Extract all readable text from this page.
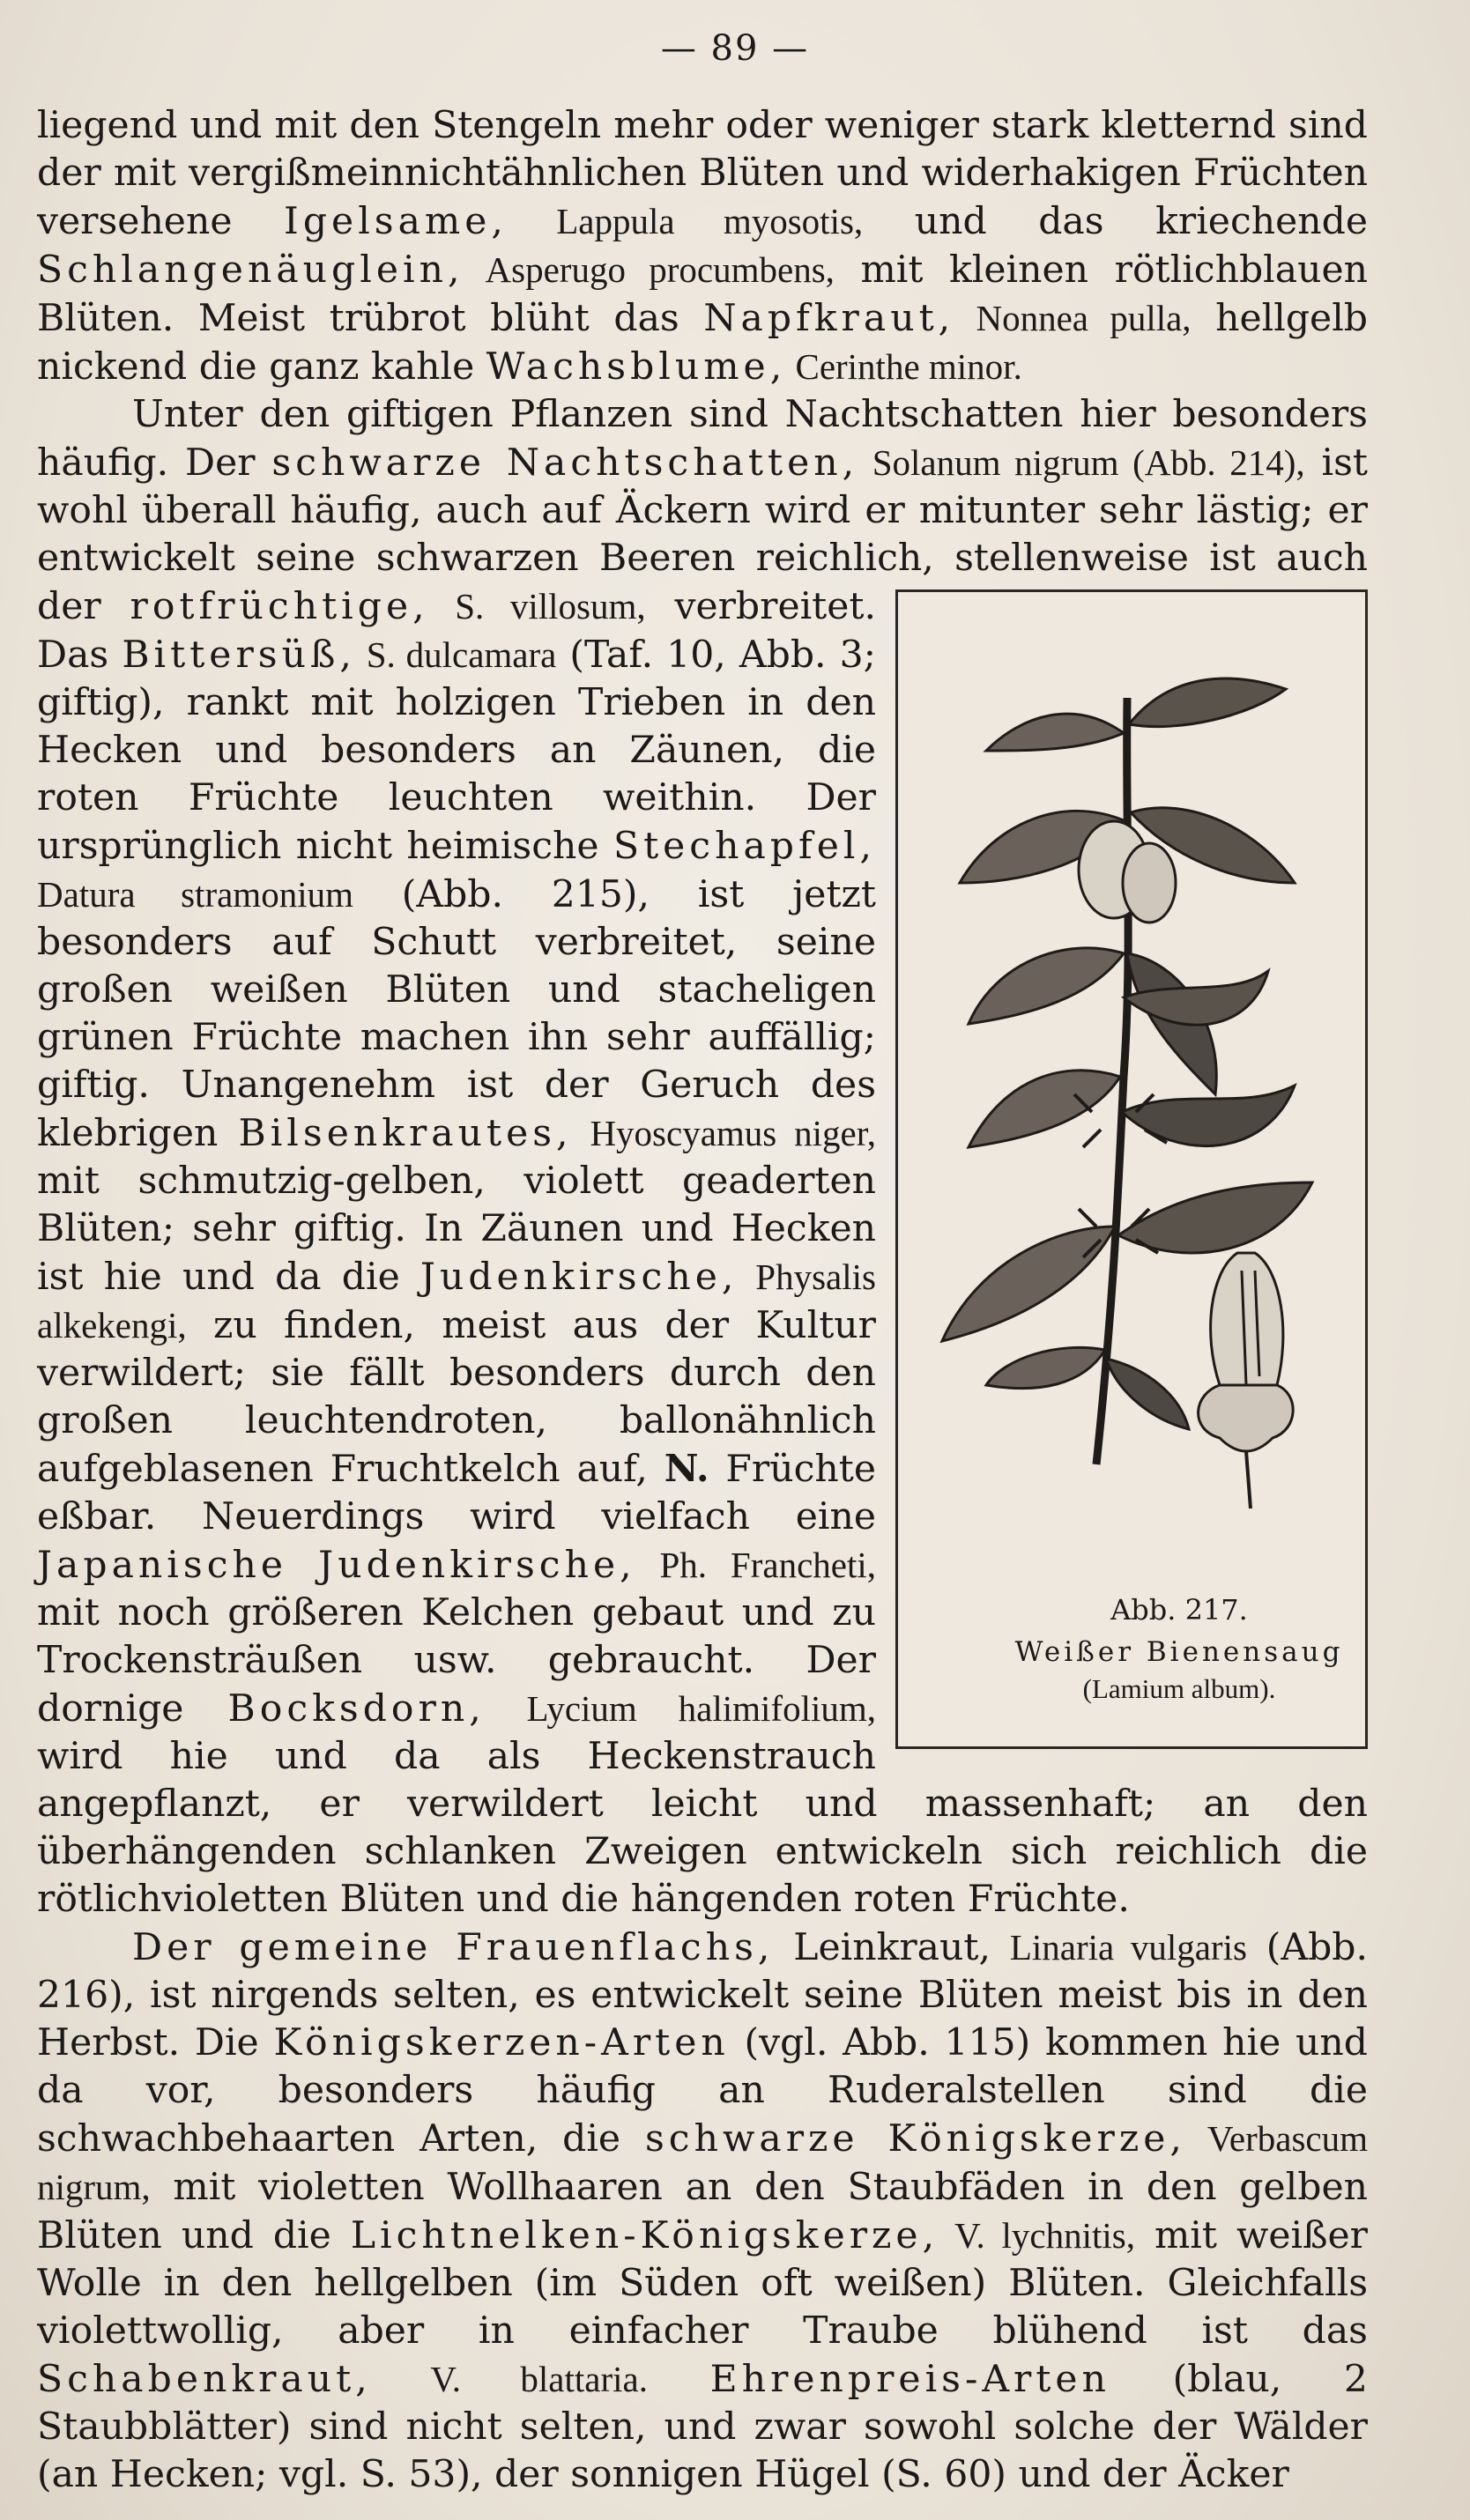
— 89 —

liegend und mit den Stengeln mehr oder weniger stark kletternd sind der mit vergißmeinnichtähnlichen Blüten und widerhakigen Früchten versehene Igelsame, Lappula myosotis, und das kriechende Schlangenäuglein, Asperugo procumbens, mit kleinen rötlichblauen Blüten. Meist trübrot blüht das Napfkraut, Nonnea pulla, hellgelb nickend die ganz kahle Wachsblume, Cerinthe minor.

Unter den giftigen Pflanzen sind Nachtschatten hier besonders häufig. Der schwarze Nachtschatten, Solanum nigrum (Abb. 214), ist wohl überall häufig, auch auf Äckern wird er mitunter sehr lästig; er entwickelt seine schwarzen Beeren reichlich, stellenweise ist auch der
Abb. 217.
Weißer Bienensaug
(Lamium album).
rotfrüchtige, S. villosum, verbreitet. Das Bittersüß, S. dulcamara (Taf. 10, Abb. 3; giftig), rankt mit holzigen Trieben in den Hecken und besonders an Zäunen, die roten Früchte leuchten weithin. Der ursprünglich nicht heimische Stechapfel, Datura stramonium (Abb. 215), ist jetzt besonders auf Schutt verbreitet, seine großen weißen Blüten und stacheligen grünen Früchte machen ihn sehr auffällig; giftig. Unangenehm ist der Geruch des klebrigen Bilsenkrautes, Hyoscyamus niger, mit schmutzig-gelben, violett geaderten Blüten; sehr giftig. In Zäunen und Hecken ist hie und da die Judenkirsche, Physalis alkekengi, zu finden, meist aus der Kultur verwildert; sie fällt besonders durch den großen leuchtendroten, ballonähnlich aufgeblasenen Fruchtkelch auf, N. Früchte eßbar. Neuerdings wird vielfach eine Japanische Judenkirsche, Ph. Francheti, mit noch größeren Kelchen gebaut und zu Trockensträußen usw. gebraucht. Der dornige Bocksdorn, Lycium halimifolium, wird hie und da als Heckenstrauch angepflanzt, er verwildert leicht und massenhaft; an den überhängenden schlanken Zweigen entwickeln sich reichlich die rötlichvioletten Blüten und die hängenden roten Früchte.

Der gemeine Frauenflachs, Leinkraut, Linaria vulgaris (Abb. 216), ist nirgends selten, es entwickelt seine Blüten meist bis in den Herbst. Die Königskerzen-Arten (vgl. Abb. 115) kommen hie und da vor, besonders häufig an Ruderalstellen sind die schwachbehaarten Arten, die schwarze Königskerze, Verbascum nigrum, mit violetten Wollhaaren an den Staubfäden in den gelben Blüten und die Lichtnelken-Königskerze, V. lychnitis, mit weißer Wolle in den hellgelben (im Süden oft weißen) Blüten. Gleichfalls violettwollig, aber in einfacher Traube blühend ist das Schabenkraut, V. blattaria. Ehrenpreis-Arten (blau, 2 Staubblätter) sind nicht selten, und zwar sowohl solche der Wälder (an Hecken; vgl. S. 53), der sonnigen Hügel (S. 60) und der Äcker
